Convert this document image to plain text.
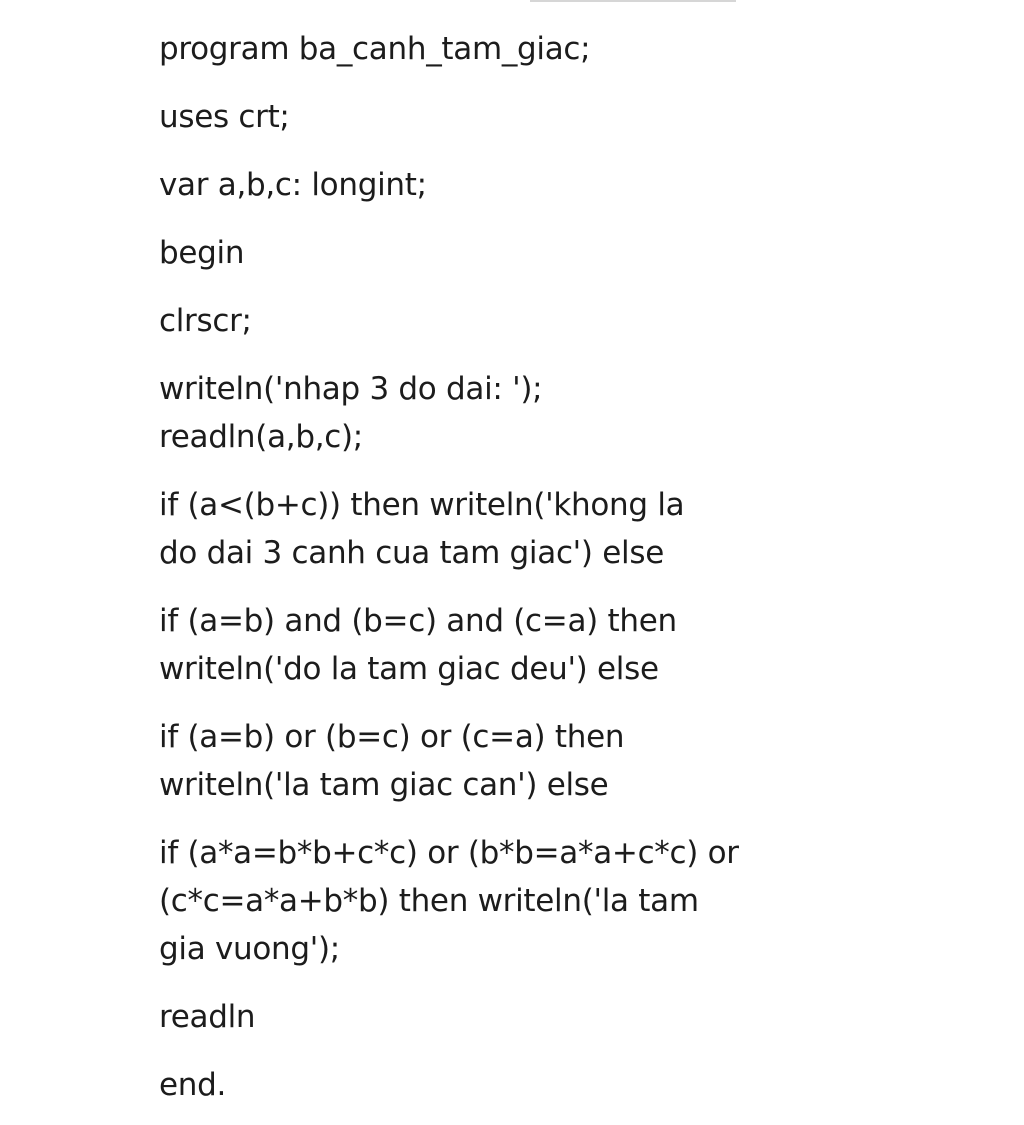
program ba_canh_tam_giac;
uses crt;
var a,b,c: longint;
begin
clrscr;
writeln('nhap 3 do dai: ');
readln(a,b,c);
if (a<(b+c)) then writeln('khong la
do dai 3 canh cua tam giac') else
if (a=b) and (b=c) and (c=a) then
writeln('do la tam giac deu') else
if (a=b) or (b=c) or (c=a) then
writeln('la tam giac can') else
if (a*a=b*b+c*c) or (b*b=a*a+c*c) or
(c*c=a*a+b*b) then writeln('la tam
gia vuong');
readln
end.
